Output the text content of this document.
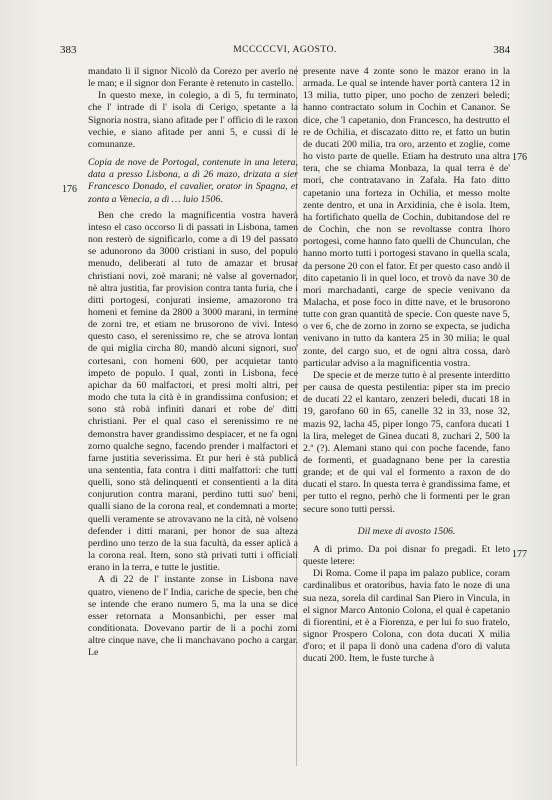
383	MCCCCCVI, AGOSTO.	384
176
176
177

mandato li il signor Nicolò da Corezo per averlo ne le man; e il signor don Ferante è retenuto in castello.

In questo mexe, in colegio, a dì 5, fu terminato, che l' intrade di l' isola di Cerigo, spetante a la Signoria nostra, siano afitade per l' officio di le raxon vechie, e siano afitade per anni 5, e cussì di le comunanze.

Copia de nove de Portogal, contenute in una letera, data a presso Lisbona, a dì 26 mazo, drizata a sier Francesco Donado, el cavalier, orator in Spagna, et zonta a Venecia, a dì … luio 1506.

Ben che credo la magnificentia vostra haverà inteso el caso occorso li di passati in Lisbona, tamen non resterò de significarlo, come a dì 19 del passato se adunorono da 3000 cristiani in suso, del populo menudo, deliberati al tuto de amazar et brusar christiani novi, zoè marani; nè valse al governador, nè altra justitia, far provision contra tanta furia, che i ditti portogesi, conjurati insieme, amazorono tra homeni et femine da 2800 a 3000 marani, in termine de zorni tre, et etiam ne brusorono de vivi. Inteso questo caso, el serenissimo re, che se atrova lontan de qui miglia circha 80, mandò alcuni signori, suo' cortesani, con homeni 600, per acquietar tanto impeto de populo. I qual, zonti in Lisbona, fece apichar da 60 malfactori, et presi molti altri, per modo che tuta la cità è in grandissima confusion; et sono stà robà infiniti danari et robe de' ditti christiani. Per el qual caso el serenissimo re ne demonstra haver grandissimo despiacer, et ne fa ogni zorno qualche segno, facendo prender i malfactori et farne justitia severissima. Et pur heri è stà publicà una sententia, fata contra i ditti malfattori: che tutti quelli, sono stà delinquenti et consentienti a la dita conjurution contra marani, perdino tutti suo' beni, qualli siano de la corona real, et condemnati a morte; quelli veramente se atrovavano ne la cità, nè volseno defender i ditti marani, per honor de sua alteza perdino uno terzo de la sua facultà, da esser aplicà a la corona real. Item, sono stà privati tutti i officiali erano in la terra, e tutte le justitie.

A dì 22 de l' instante zonse in Lisbona nave quatro, vieneno de l' India, cariche de specie, ben che se intende che erano numero 5, ma la una se dice esser retornata a Monsanbichi, per esser mal conditionata. Dovevano partir de li a pochi zorni altre cinque nave, che li manchavano pocho a cargar. Le

presente nave 4 zonte sono le mazor erano in la armada. Le qual se intende haver portà cantera 12 in 13 milia, tutto piper, uno pocho de zenzeri beledi; hanno contractato solum in Cochin et Cananor. Se dice, che 'l capetanio, don Francesco, ha destrutto el re de Ochilia, et discazato ditto re, et fatto un butin de ducati 200 milia, tra oro, arzento et zoglie, come ho visto parte de quelle. Etiam ha destruto una altra tera, che se chiama Monbaza, la qual terra è de' mori, che contratavano in Zafala. Ha fato ditto capetanio una forteza in Ochilia, et messo molte zente dentro, et una in Arxidinia, che è isola. Item, ha fortifichato quella de Cochin, dubitandose del re de Cochin, che non se revoltasse contra lhoro portogesi, come hanno fato quelli de Chunculan, che hanno morto tutti i portogesi stavano in quella scala, da persone 20 con el fator. Et per questo caso andò il dito capetanio li in quel loco, et trovò da nave 30 de mori marchadanti, carge de specie venivano da Malacha, et pose foco in ditte nave, et le brusorono tutte con gran quantità de specie. Con queste nave 5, o ver 6, che de zorno in zorno se expecta, se judicha venivano in tutto da kantera 25 in 30 milia; le qual zonte, del cargo suo, et de ogni altra cossa, darò particular adviso a la magnificentia vostra.

De specie et de merze tutto è al presente interditto per causa de questa pestilentia: piper sta im precio de ducati 22 el kantaro, zenzeri beledi, ducati 18 in 19, garofano 60 in 65, canelle 32 in 33, nose 32, mazis 92, lacha 45, piper longo 75, canfora ducati 1 la lira, meleget de Ginea ducati 8, zuchari 2, 500 la 2.ª (?). Alemani stano qui con poche facende, fano de formenti, et guadagnano bene per la carestia grande; et de qui val el formento a raxon de do ducati el staro. In questa terra è grandissima fame, et per tutto el regno, perhò che li formenti per le gran secure sono tutti perssi.

Dil mexe di avosto 1506.

A dì primo. Da poi disnar fo pregadi. Et leto queste letere:

Di Roma. Come il papa im palazo publice, coram cardinalibus et oratoribus, havia fato le noze di una sua neza, sorela dil cardinal San Piero in Vincula, in el signor Marco Antonio Colona, el qual è capetanio di fiorentini, et è a Fiorenza, e per lui fo suo fratelo, signor Prospero Colona, con dota ducati X milia d'oro; et il papa li donò una cadena d'oro di valuta ducati 200. Item, le fuste turche à
